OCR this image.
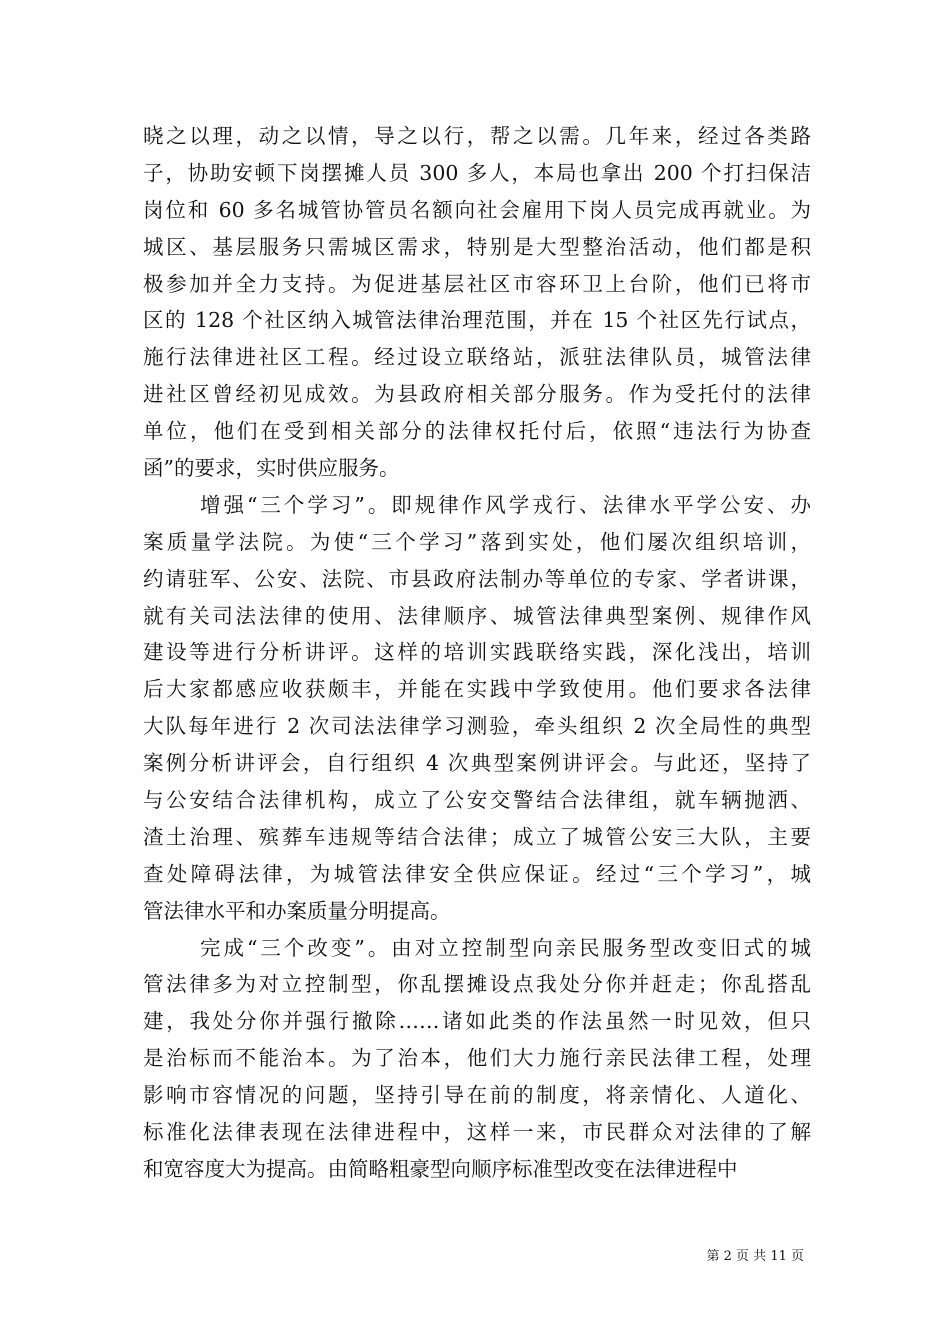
晓之以理，动之以情，导之以行，帮之以需。几年来，经过各类路
子，协助安顿下岗摆摊人员 300 多人，本局也拿出 200 个打扫保洁
岗位和 60 多名城管协管员名额向社会雇用下岗人员完成再就业。为
城区、基层服务只需城区需求，特别是大型整治活动，他们都是积
极参加并全力支持。为促进基层社区市容环卫上台阶，他们已将市
区的 128 个社区纳入城管法律治理范围，并在 15 个社区先行试点，
施行法律进社区工程。经过设立联络站，派驻法律队员，城管法律
进社区曾经初见成效。为县政府相关部分服务。作为受托付的法律
单位，他们在受到相关部分的法律权托付后，依照“违法行为协查
函”的要求，实时供应服务。
增强“三个学习”。即规律作风学戎行、法律水平学公安、办
案质量学法院。为使“三个学习”落到实处，他们屡次组织培训，
约请驻军、公安、法院、市县政府法制办等单位的专家、学者讲课，
就有关司法法律的使用、法律顺序、城管法律典型案例、规律作风
建设等进行分析讲评。这样的培训实践联络实践，深化浅出，培训
后大家都感应收获颇丰，并能在实践中学致使用。他们要求各法律
大队每年进行 2 次司法法律学习测验，牵头组织 2 次全局性的典型
案例分析讲评会，自行组织 4 次典型案例讲评会。与此还，坚持了
与公安结合法律机构，成立了公安交警结合法律组，就车辆抛洒、
渣土治理、殡葬车违规等结合法律；成立了城管公安三大队，主要
查处障碍法律，为城管法律安全供应保证。经过“三个学习”，城
管法律水平和办案质量分明提高。
完成“三个改变”。由对立控制型向亲民服务型改变旧式的城
管法律多为对立控制型，你乱摆摊设点我处分你并赶走；你乱搭乱
建，我处分你并强行撤除……诸如此类的作法虽然一时见效，但只
是治标而不能治本。为了治本，他们大力施行亲民法律工程，处理
影响市容情况的问题，坚持引导在前的制度，将亲情化、人道化、
标准化法律表现在法律进程中，这样一来，市民群众对法律的了解
和宽容度大为提高。由简略粗豪型向顺序标准型改变在法律进程中
第 2 页 共 11 页
